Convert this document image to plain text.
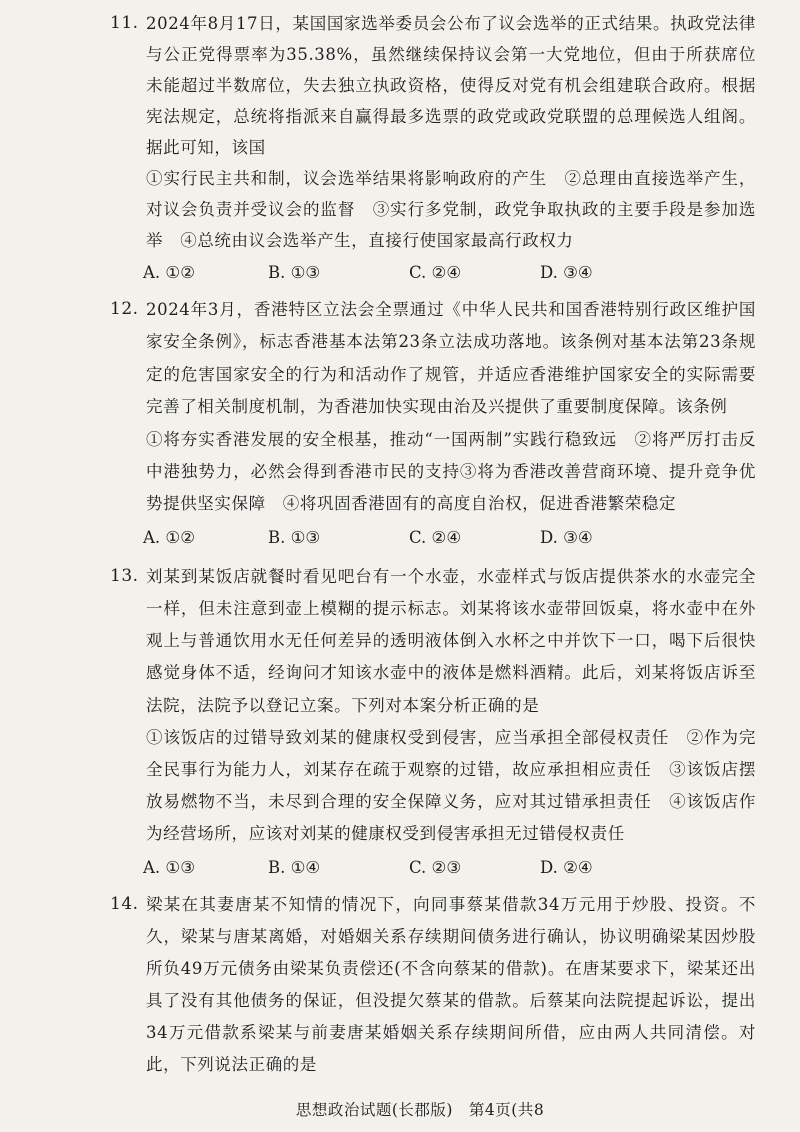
11. 2024年8月17日，某国国家选举委员会公布了议会选举的正式结果。执政党法律与公正党得票率为35.38%，虽然继续保持议会第一大党地位，但由于所获席位未能超过半数席位，失去独立执政资格，使得反对党有机会组建联合政府。根据宪法规定，总统将指派来自赢得最多选票的政党或政党联盟的总理候选人组阁。据此可知，该国

①实行民主共和制，议会选举结果将影响政府的产生　②总理由直接选举产生，对议会负责并受议会的监督　③实行多党制，政党争取执政的主要手段是参加选举　④总统由议会选举产生，直接行使国家最高行政权力

A. ①②	B. ①③	C. ②④	D. ③④
12. 2024年3月，香港特区立法会全票通过《中华人民共和国香港特别行政区维护国家安全条例》，标志香港基本法第23条立法成功落地。该条例对基本法第23条规定的危害国家安全的行为和活动作了规管，并适应香港维护国家安全的实际需要完善了相关制度机制，为香港加快实现由治及兴提供了重要制度保障。该条例

①将夯实香港发展的安全根基，推动“一国两制”实践行稳致远　②将严厉打击反中港独势力，必然会得到香港市民的支持③将为香港改善营商环境、提升竞争优势提供坚实保障　④将巩固香港固有的高度自治权，促进香港繁荣稳定

A. ①②	B. ①③	C. ②④	D. ③④
13. 刘某到某饭店就餐时看见吧台有一个水壶，水壶样式与饭店提供茶水的水壶完全一样，但未注意到壶上模糊的提示标志。刘某将该水壶带回饭桌，将水壶中在外观上与普通饮用水无任何差异的透明液体倒入水杯之中并饮下一口，喝下后很快感觉身体不适，经询问才知该水壶中的液体是燃料酒精。此后，刘某将饭店诉至法院，法院予以登记立案。下列对本案分析正确的是

①该饭店的过错导致刘某的健康权受到侵害，应当承担全部侵权责任　②作为完全民事行为能力人，刘某存在疏于观察的过错，故应承担相应责任　③该饭店摆放易燃物不当，未尽到合理的安全保障义务，应对其过错承担责任　④该饭店作为经营场所，应该对刘某的健康权受到侵害承担无过错侵权责任

A. ①③	B. ①④	C. ②③	D. ②④
14. 梁某在其妻唐某不知情的情况下，向同事蔡某借款34万元用于炒股、投资。不久，梁某与唐某离婚，对婚姻关系存续期间债务进行确认，协议明确梁某因炒股所负49万元债务由梁某负责偿还(不含向蔡某的借款)。在唐某要求下，梁某还出具了没有其他债务的保证，但没提欠蔡某的借款。后蔡某向法院提起诉讼，提出34万元借款系梁某与前妻唐某婚姻关系存续期间所借，应由两人共同清偿。对此，下列说法正确的是

思想政治试题(长郡版)　第4页(共8
